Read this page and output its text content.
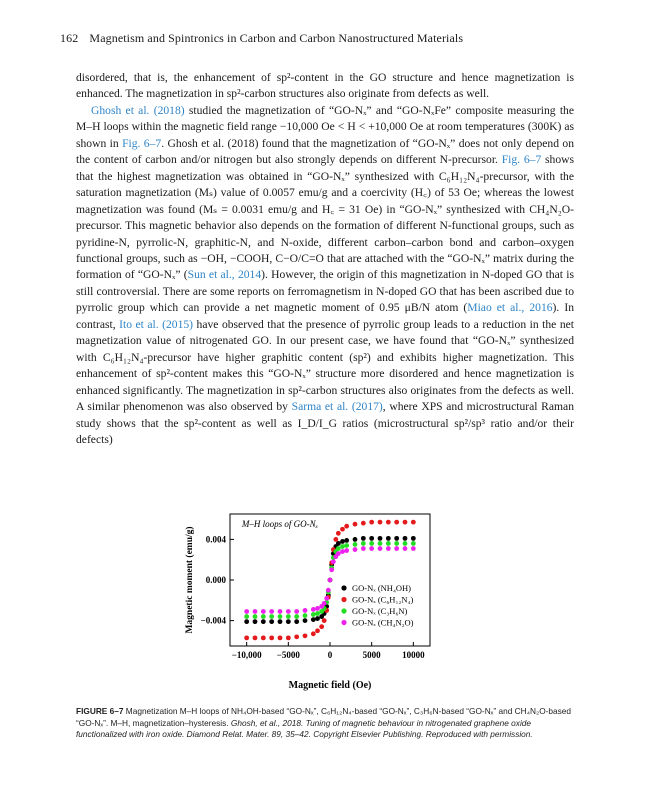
162 Magnetism and Spintronics in Carbon and Carbon Nanostructured Materials

disordered, that is, the enhancement of sp²-content in the GO structure and hence magnetization is enhanced. The magnetization in sp²-carbon structures also originate from defects as well.

Ghosh et al. (2018) studied the magnetization of “GO-Nₓ” and “GO-NₓFe” composite measuring the M–H loops within the magnetic field range −10,000 Oe < H < +10,000 Oe at room temperatures (300K) as shown in Fig. 6–7. Ghosh et al. (2018) found that the magnetization of “GO-Nₓ” does not only depend on the content of carbon and/or nitrogen but also strongly depends on different N-precursor. Fig. 6–7 shows that the highest magnetization was obtained in “GO-Nₓ” synthesized with C₆H₁₂N₄-precursor, with the saturation magnetization (Mₛ) value of 0.0057 emu/g and a coercivity (H꜀) of 53 Oe; whereas the lowest magnetization was found (Mₛ = 0.0031 emu/g and H꜀ = 31 Oe) in “GO-Nₓ” synthesized with CH₄N₂O-precursor. This magnetic behavior also depends on the formation of different N-functional groups, such as pyridine-N, pyrrolic-N, graphitic-N, and N-oxide, different carbon–carbon bond and carbon–oxygen functional groups, such as −OH, −COOH, C−O/C=O that are attached with the “GO-Nₓ” matrix during the formation of “GO-Nₓ” (Sun et al., 2014). However, the origin of this magnetization in N-doped GO that is still controversial. There are some reports on ferromagnetism in N-doped GO that has been ascribed due to pyrrolic group which can provide a net magnetic moment of 0.95 μB/N atom (Miao et al., 2016). In contrast, Ito et al. (2015) have observed that the presence of pyrrolic group leads to a reduction in the net magnetization value of nitrogenated GO. In our present case, we have found that “GO-Nₓ” synthesized with C₆H₁₂N₄-precursor have higher graphitic content (sp²) and exhibits higher magnetization. This enhancement of sp²-content makes this “GO-Nₓ” structure more disordered and hence magnetization is enhanced significantly. The magnetization in sp²-carbon structures also originates from the defects as well. A similar phenomenon was also observed by Sarma et al. (2017), where XPS and microstructural Raman study shows that the sp²-content as well as I_D/I_G ratios (microstructural sp²/sp³ ratio and/or their defects)

Magnetic moment (emu/g)
Magnetic field (Oe)
M–H loops of GO-Nₓ
−10,000 −5000	0	5000 10000
0.004
0.000
−0.004
GO-Nₓ (NH₄OH)
GO-Nₓ (C₆H₁₂N₄)
GO-Nₓ (C₃H₆N)
GO-Nₓ (CH₄N₂O)
FIGURE 6–7 Magnetization M–H loops of NH₄OH-based “GO-Nₓ”, C₆H₁₂N₄-based “GO-Nₓ”, C₃H₆N-based “GO-Nₓ” and CH₄N₂O-based “GO-Nₓ”. M–H, magnetization–hysteresis. Ghosh, et al., 2018. Tuning of magnetic behaviour in nitrogenated graphene oxide functionalized with iron oxide. Diamond Relat. Mater. 89, 35–42. Copyright Elsevier Publishing. Reproduced with permission.
